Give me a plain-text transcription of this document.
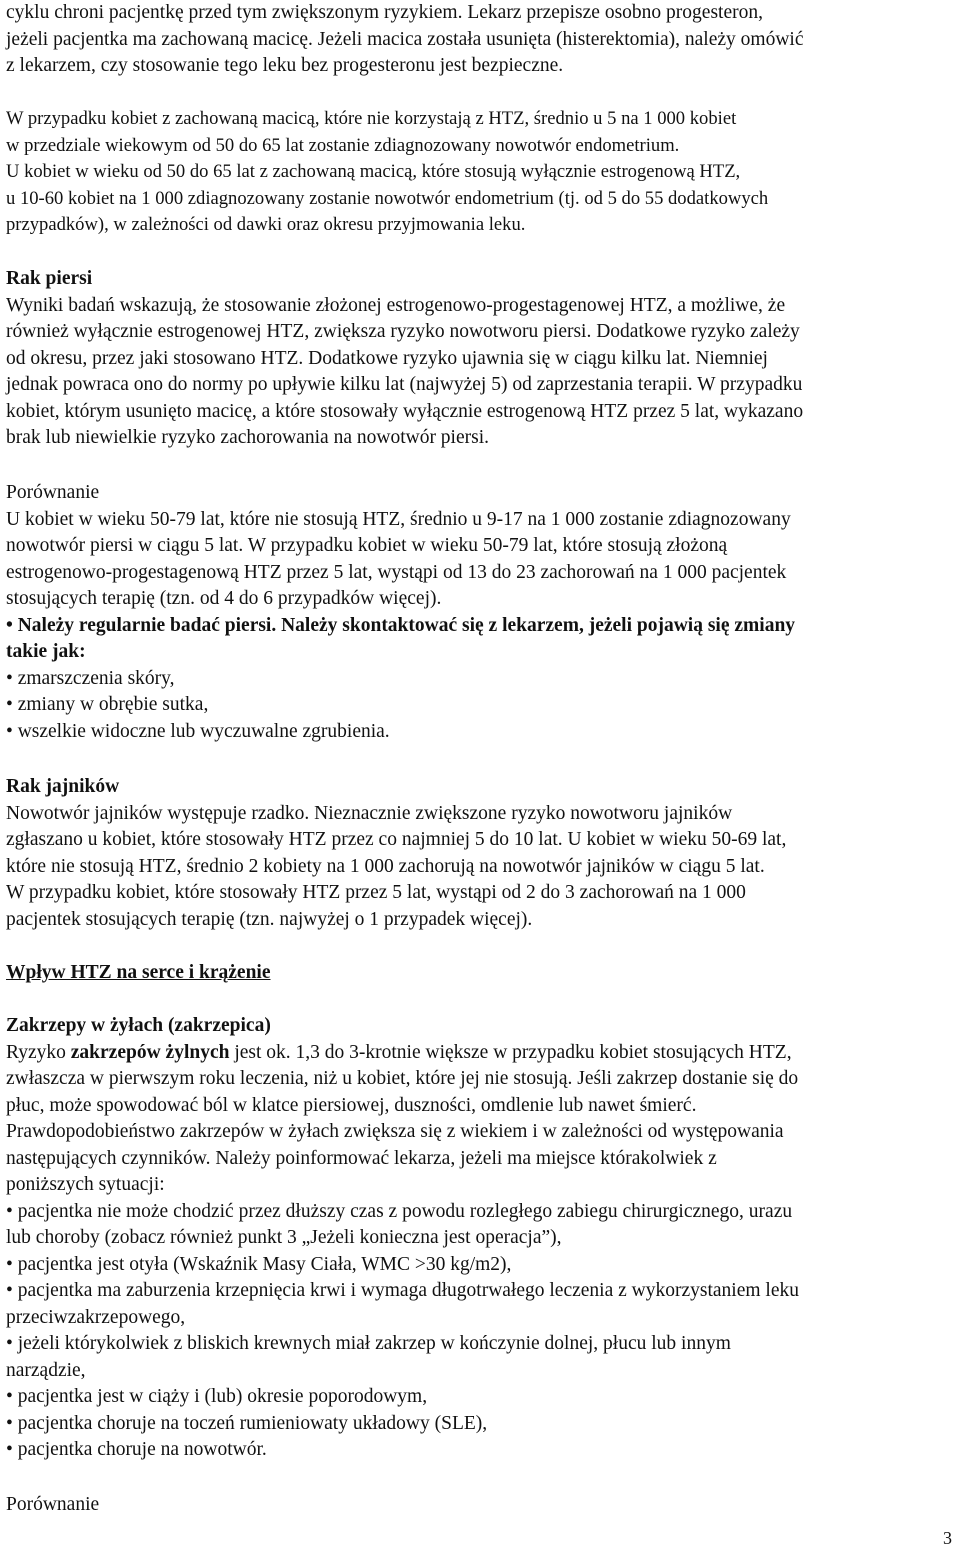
cyklu chroni pacjentkę przed tym zwiększonym ryzykiem. Lekarz przepisze osobno progesteron,
jeżeli pacjentka ma zachowaną macicę. Jeżeli macica została usunięta (histerektomia), należy omówić
z lekarzem, czy stosowanie tego leku bez progesteronu jest bezpieczne.
W przypadku kobiet z zachowaną macicą, które nie korzystają z HTZ, średnio u 5 na 1 000 kobiet
w przedziale wiekowym od 50 do 65 lat zostanie zdiagnozowany nowotwór endometrium.
U kobiet w wieku od 50 do 65 lat z zachowaną macicą, które stosują wyłącznie estrogenową HTZ,
u 10-60 kobiet na 1 000 zdiagnozowany zostanie nowotwór endometrium (tj. od 5 do 55 dodatkowych
przypadków), w zależności od dawki oraz okresu przyjmowania leku.
Rak piersi
Wyniki badań wskazują, że stosowanie złożonej estrogenowo-progestagenowej HTZ, a możliwe, że
również wyłącznie estrogenowej HTZ, zwiększa ryzyko nowotworu piersi. Dodatkowe ryzyko zależy
od okresu, przez jaki stosowano HTZ. Dodatkowe ryzyko ujawnia się w ciągu kilku lat. Niemniej
jednak powraca ono do normy po upływie kilku lat (najwyżej 5) od zaprzestania terapii. W przypadku
kobiet, którym usunięto macicę, a które stosowały wyłącznie estrogenową HTZ przez 5 lat, wykazano
brak lub niewielkie ryzyko zachorowania na nowotwór piersi.
Porównanie
U kobiet w wieku 50-79 lat, które nie stosują HTZ, średnio u 9-17 na 1 000 zostanie zdiagnozowany
nowotwór piersi w ciągu 5 lat. W przypadku kobiet w wieku 50-79 lat, które stosują złożoną
estrogenowo-progestagenową HTZ przez 5 lat, wystąpi od 13 do 23 zachorowań na 1 000 pacjentek
stosujących terapię (tzn. od 4 do 6 przypadków więcej).
• Należy regularnie badać piersi. Należy skontaktować się z lekarzem, jeżeli pojawią się zmiany
takie jak:
• zmarszczenia skóry,
• zmiany w obrębie sutka,
• wszelkie widoczne lub wyczuwalne zgrubienia.
Rak jajników
Nowotwór jajników występuje rzadko. Nieznacznie zwiększone ryzyko nowotworu jajników
zgłaszano u kobiet, które stosowały HTZ przez co najmniej 5 do 10 lat. U kobiet w wieku 50-69 lat,
które nie stosują HTZ, średnio 2 kobiety na 1 000 zachorują na nowotwór jajników w ciągu 5 lat.
W przypadku kobiet, które stosowały HTZ przez 5 lat, wystąpi od 2 do 3 zachorowań na 1 000
pacjentek stosujących terapię (tzn. najwyżej o 1 przypadek więcej).
Wpływ HTZ na serce i krążenie
Zakrzepy w żyłach (zakrzepica)
Ryzyko zakrzepów żylnych jest ok. 1,3 do 3-krotnie większe w przypadku kobiet stosujących HTZ,
zwłaszcza w pierwszym roku leczenia, niż u kobiet, które jej nie stosują. Jeśli zakrzep dostanie się do
płuc, może spowodować ból w klatce piersiowej, duszności, omdlenie lub nawet śmierć.
Prawdopodobieństwo zakrzepów w żyłach zwiększa się z wiekiem i w zależności od występowania
następujących czynników. Należy poinformować lekarza, jeżeli ma miejsce którakolwiek z
poniższych sytuacji:
• pacjentka nie może chodzić przez dłuższy czas z powodu rozległego zabiegu chirurgicznego, urazu
lub choroby (zobacz również punkt 3 „Jeżeli konieczna jest operacja”),
• pacjentka jest otyła (Wskaźnik Masy Ciała, WMC >30 kg/m2),
• pacjentka ma zaburzenia krzepnięcia krwi i wymaga długotrwałego leczenia z wykorzystaniem leku
przeciwzakrzepowego,
• jeżeli którykolwiek z bliskich krewnych miał zakrzep w kończynie dolnej, płucu lub innym
narządzie,
• pacjentka jest w ciąży i (lub) okresie poporodowym,
• pacjentka choruje na toczeń rumieniowaty układowy (SLE),
• pacjentka choruje na nowotwór.
Porównanie
3
